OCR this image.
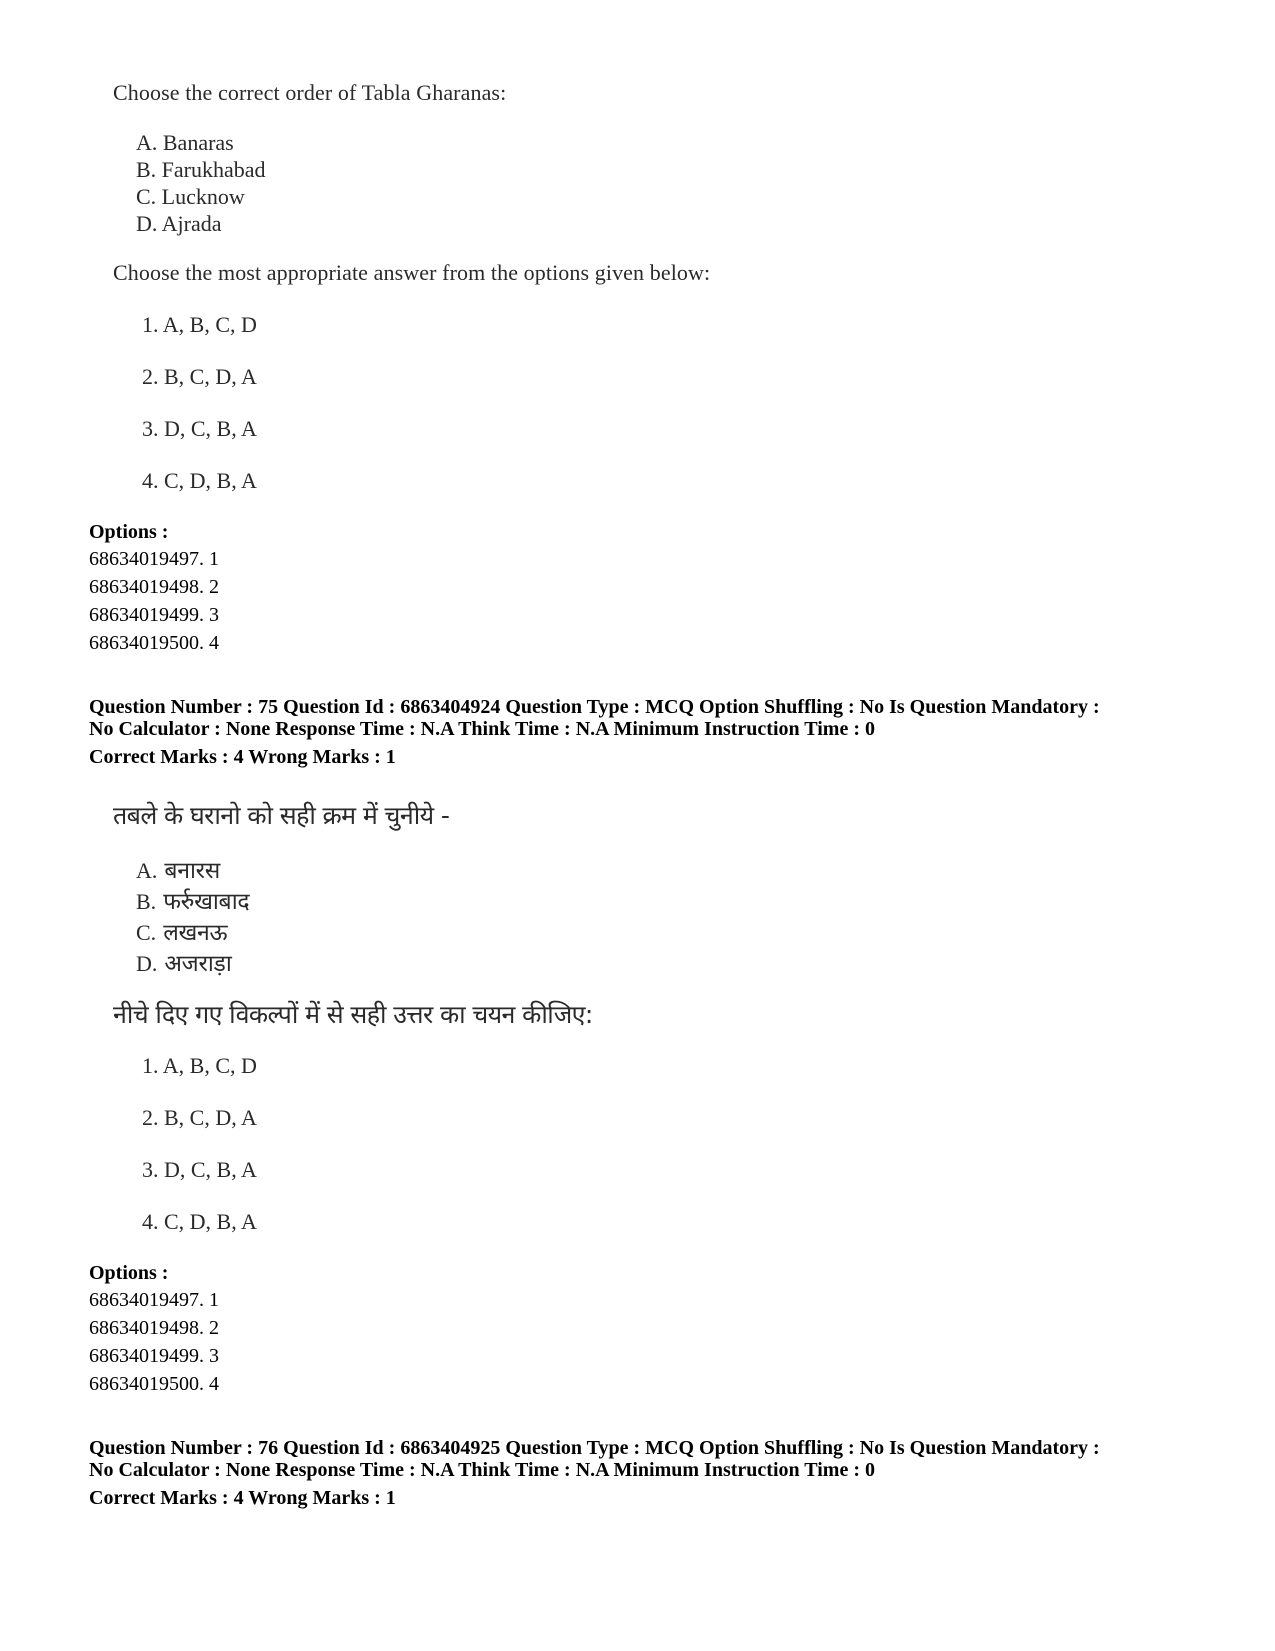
Choose the correct order of Tabla Gharanas:
A. Banaras
B. Farukhabad
C. Lucknow
D. Ajrada
Choose the most appropriate answer from the options given below:
1. A, B, C, D
2. B, C, D, A
3. D, C, B, A
4. C, D, B, A
Options :
68634019497. 1
68634019498. 2
68634019499. 3
68634019500. 4
Question Number : 75 Question Id : 6863404924 Question Type : MCQ Option Shuffling : No Is Question Mandatory :
No Calculator : None Response Time : N.A Think Time : N.A Minimum Instruction Time : 0
Correct Marks : 4 Wrong Marks : 1
तबले के घरानो को सही क्रम में चुनीये -
A. बनारस
B. फर्रुखाबाद
C. लखनऊ
D. अजराड़ा
नीचे दिए गए विकल्पों में से सही उत्तर का चयन कीजिए:
1. A, B, C, D
2. B, C, D, A
3. D, C, B, A
4. C, D, B, A
Options :
68634019497. 1
68634019498. 2
68634019499. 3
68634019500. 4
Question Number : 76 Question Id : 6863404925 Question Type : MCQ Option Shuffling : No Is Question Mandatory :
No Calculator : None Response Time : N.A Think Time : N.A Minimum Instruction Time : 0
Correct Marks : 4 Wrong Marks : 1
